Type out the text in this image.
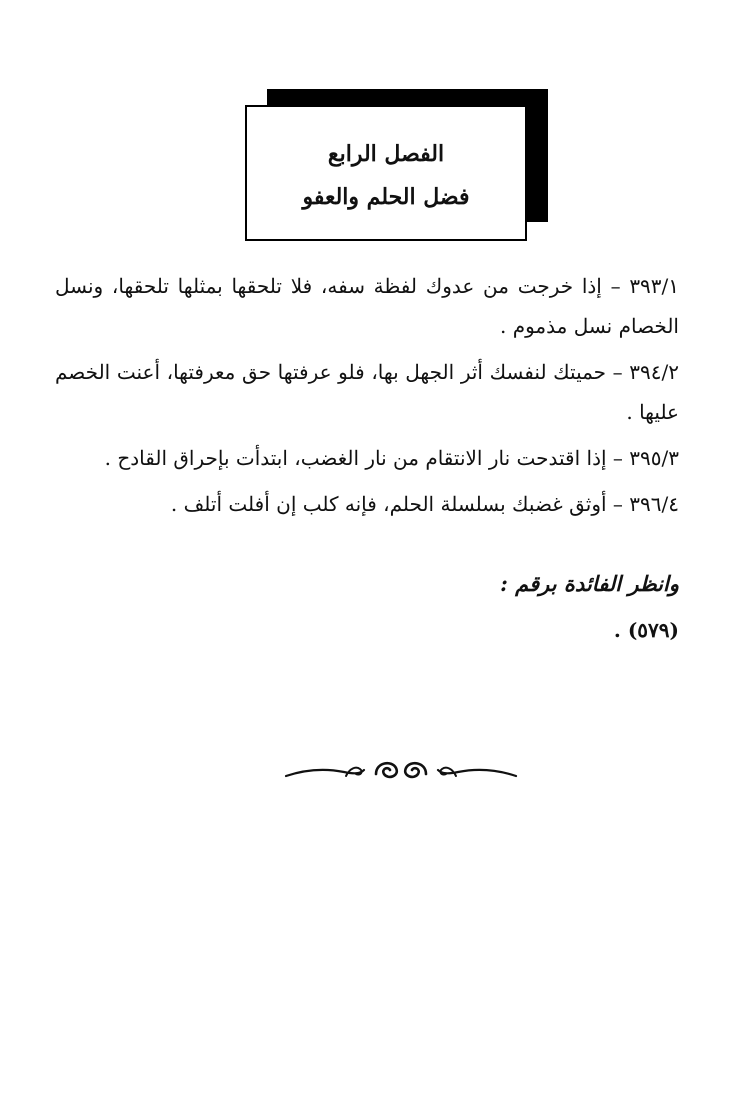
الفصل الرابع
فضل الحلم والعفو

٣٩٣/١ – إذا خرجت من عدوك لفظة سفه، فلا تلحقها بمثلها تلحقها، ونسل الخصام نسل مذموم .

٣٩٤/٢ – حميتك لنفسك أثر الجهل بها، فلو عرفتها حق معرفتها، أعنت الخصم عليها .

٣٩٥/٣ – إذا اقتدحت نار الانتقام من نار الغضب، ابتدأت بإحراق القادح .

٣٩٦/٤ – أوثق غضبك بسلسلة الحلم، فإنه كلب إن أفلت أتلف .

وانظر الفائدة برقم :
(٥٧٩) .
